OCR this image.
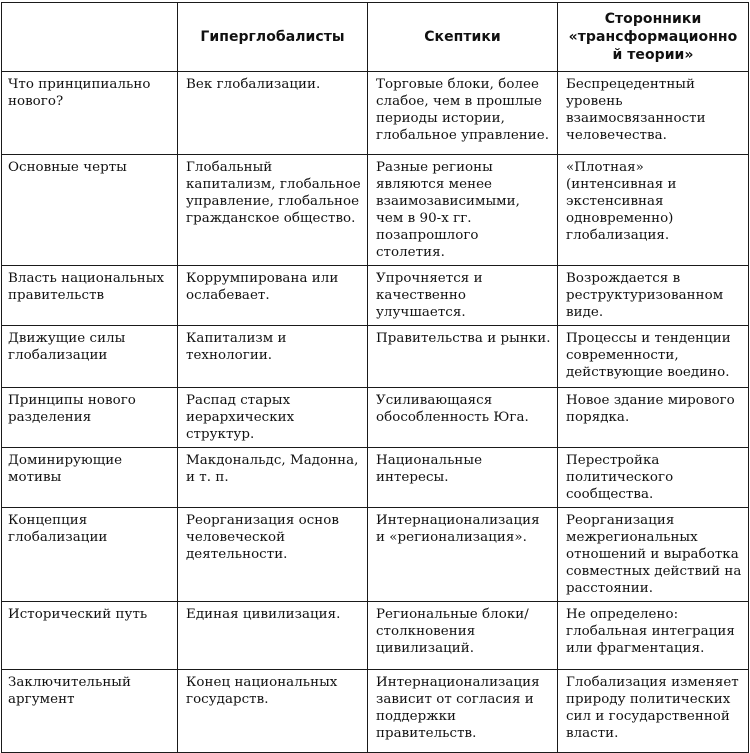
	Гиперглобалисты	Скептики	Сторонники «трансформационной теории»
Что принципиально нового?	Век глобализации.	Торговые блоки, более слабое, чем в прошлые периоды истории, глобальное управление.	Беспрецедентный уровень взаимосвязанности человечества.
Основные черты	Глобальный капитализм, глобальное управление, глобальное гражданское общество.	Разные регионы являются менее взаимозависимыми, чем в 90-х гг. позапрошлого столетия.	«Плотная» (интенсивная и экстенсивная одновременно) глобализация.
Власть национальных правительств	Коррумпирована или ослабевает.	Упрочняется и качественно улучшается.	Возрождается в реструктуризованном виде.
Движущие силы глобализации	Капитализм и технологии.	Правительства и рынки.	Процессы и тенденции современности, действующие воедино.
Принципы нового разделения	Распад старых иерархических структур.	Усиливающаяся обособленность Юга.	Новое здание мирового порядка.
Доминирующие мотивы	Макдональдс, Мадонна, и т. п.	Национальные интересы.	Перестройка политического сообщества.
Концепция глобализации	Реорганизация основ человеческой деятельности.	Интернационализация и «регионализация».	Реорганизация межрегиональных отношений и выработка совместных действий на расстоянии.
Исторический путь	Единая цивилизация.	Региональные блоки/столкновения цивилизаций.	Не определено: глобальная интеграция или фрагментация.
Заключительный аргумент	Конец национальных государств.	Интернационализация зависит от согласия и поддержки правительств.	Глобализация изменяет природу политических сил и государственной власти.
